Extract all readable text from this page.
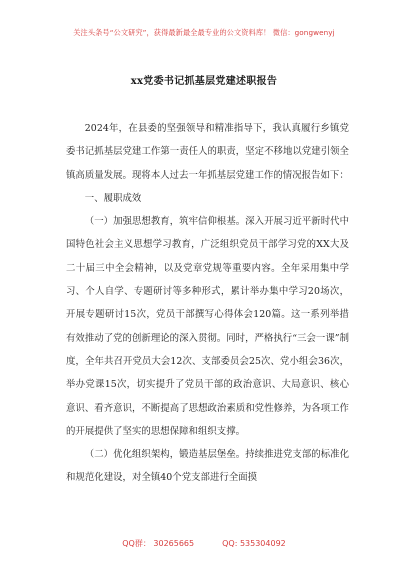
关注头条号“公文研究”，获得最新最全最专业的公文资料库！ 微信：gongwenyj
xx党委书记抓基层党建述职报告

2024年，在县委的坚强领导和精准指导下，我认真履行乡镇党委书记抓基层党建工作第一责任人的职责，坚定不移地以党建引领全镇高质量发展。现将本人过去一年抓基层党建工作的情况报告如下：

一、履职成效

（一）加强思想教育，筑牢信仰根基。深入开展习近平新时代中国特色社会主义思想学习教育，广泛组织党员干部学习党的XX大及二十届三中全会精神，以及党章党规等重要内容。全年采用集中学习、个人自学、专题研讨等多种形式，累计举办集中学习20场次，开展专题研讨15次，党员干部撰写心得体会120篇。这一系列举措有效推动了党的创新理论的深入贯彻。同时，严格执行“三会一课”制度，全年共召开党员大会12次、支部委员会25次、党小组会36次，举办党课15次，切实提升了党员干部的政治意识、大局意识、核心意识、看齐意识，不断提高了思想政治素质和党性修养，为各项工作的开展提供了坚实的思想保障和组织支撑。

（二）优化组织架构，锻造基层堡垒。持续推进党支部的标准化和规范化建设，对全镇40个党支部进行全面摸

QQ群： 30265665	QQ: 535304092
